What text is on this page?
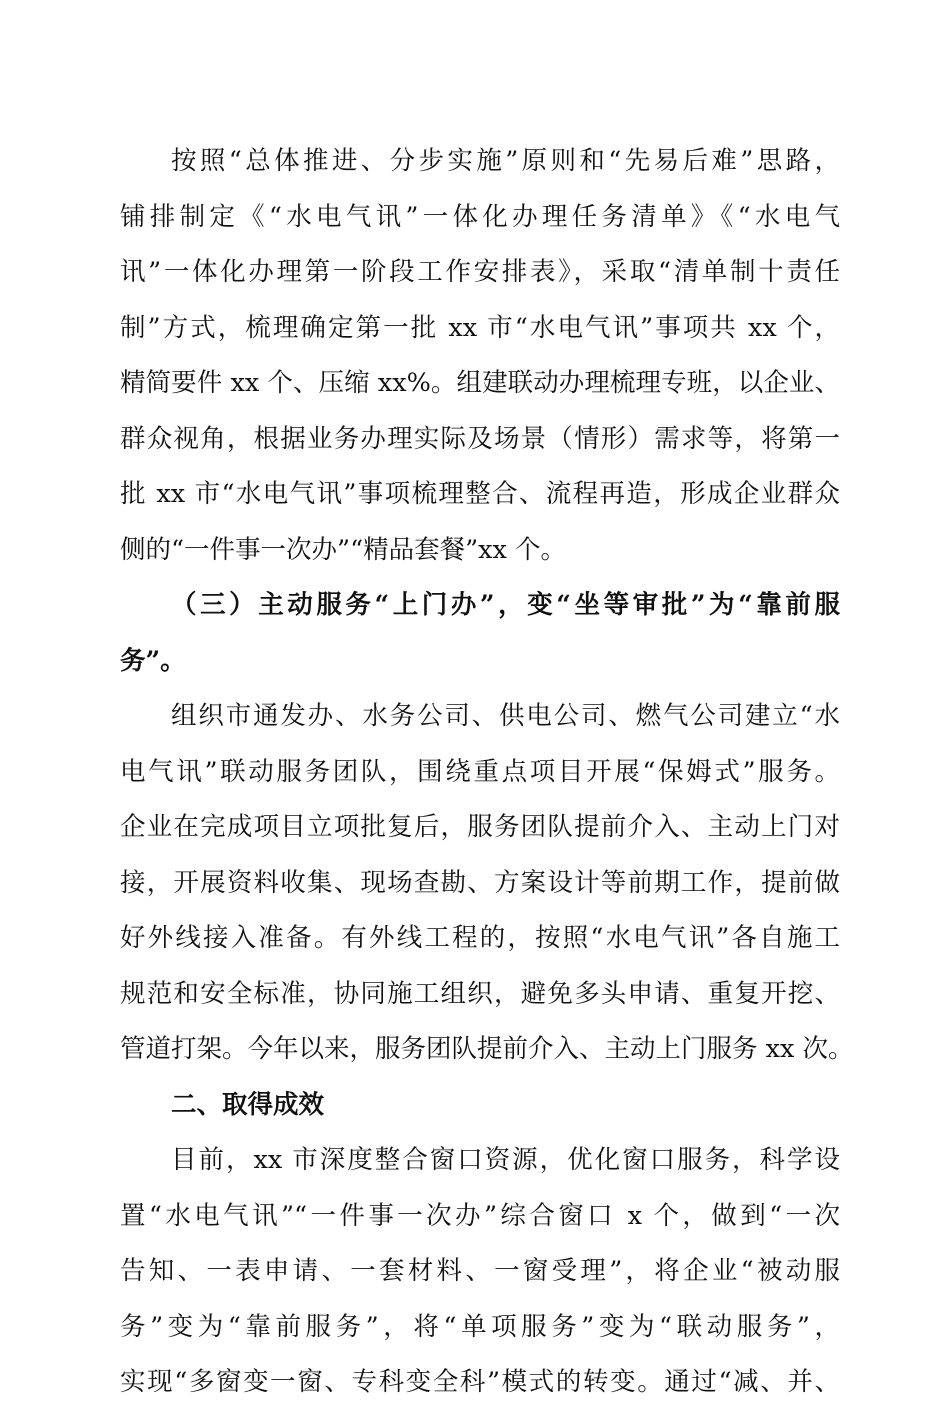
按照“总体推进、分步实施”原则和“先易后难”思路，
铺排制定《“水电气讯”一体化办理任务清单》《“水电气
讯”一体化办理第一阶段工作安排表》，采取“清单制十责任
制”方式，梳理确定第一批 xx 市“水电气讯”事项共 xx 个，
精简要件 xx 个、压缩 xx%。组建联动办理梳理专班，以企业、
群众视角，根据业务办理实际及场景（情形）需求等，将第一
批 xx 市“水电气讯”事项梳理整合、流程再造，形成企业群众
侧的“一件事一次办”“精品套餐”xx 个。
（三）主动服务“上门办”，变“坐等审批”为“靠前服
务”。
组织市通发办、水务公司、供电公司、燃气公司建立“水
电气讯”联动服务团队，围绕重点项目开展“保姆式”服务。
企业在完成项目立项批复后，服务团队提前介入、主动上门对
接，开展资料收集、现场查勘、方案设计等前期工作，提前做
好外线接入准备。有外线工程的，按照“水电气讯”各自施工
规范和安全标准，协同施工组织，避免多头申请、重复开挖、
管道打架。今年以来，服务团队提前介入、主动上门服务 xx 次。
二、取得成效
目前，xx 市深度整合窗口资源，优化窗口服务，科学设
置“水电气讯”“一件事一次办”综合窗口 x 个，做到“一次
告知、一表申请、一套材料、一窗受理”，将企业“被动服
务”变为“靠前服务”，将“单项服务”变为“联动服务”，
实现“多窗变一窗、专科变全科”模式的转变。通过“减、并、
